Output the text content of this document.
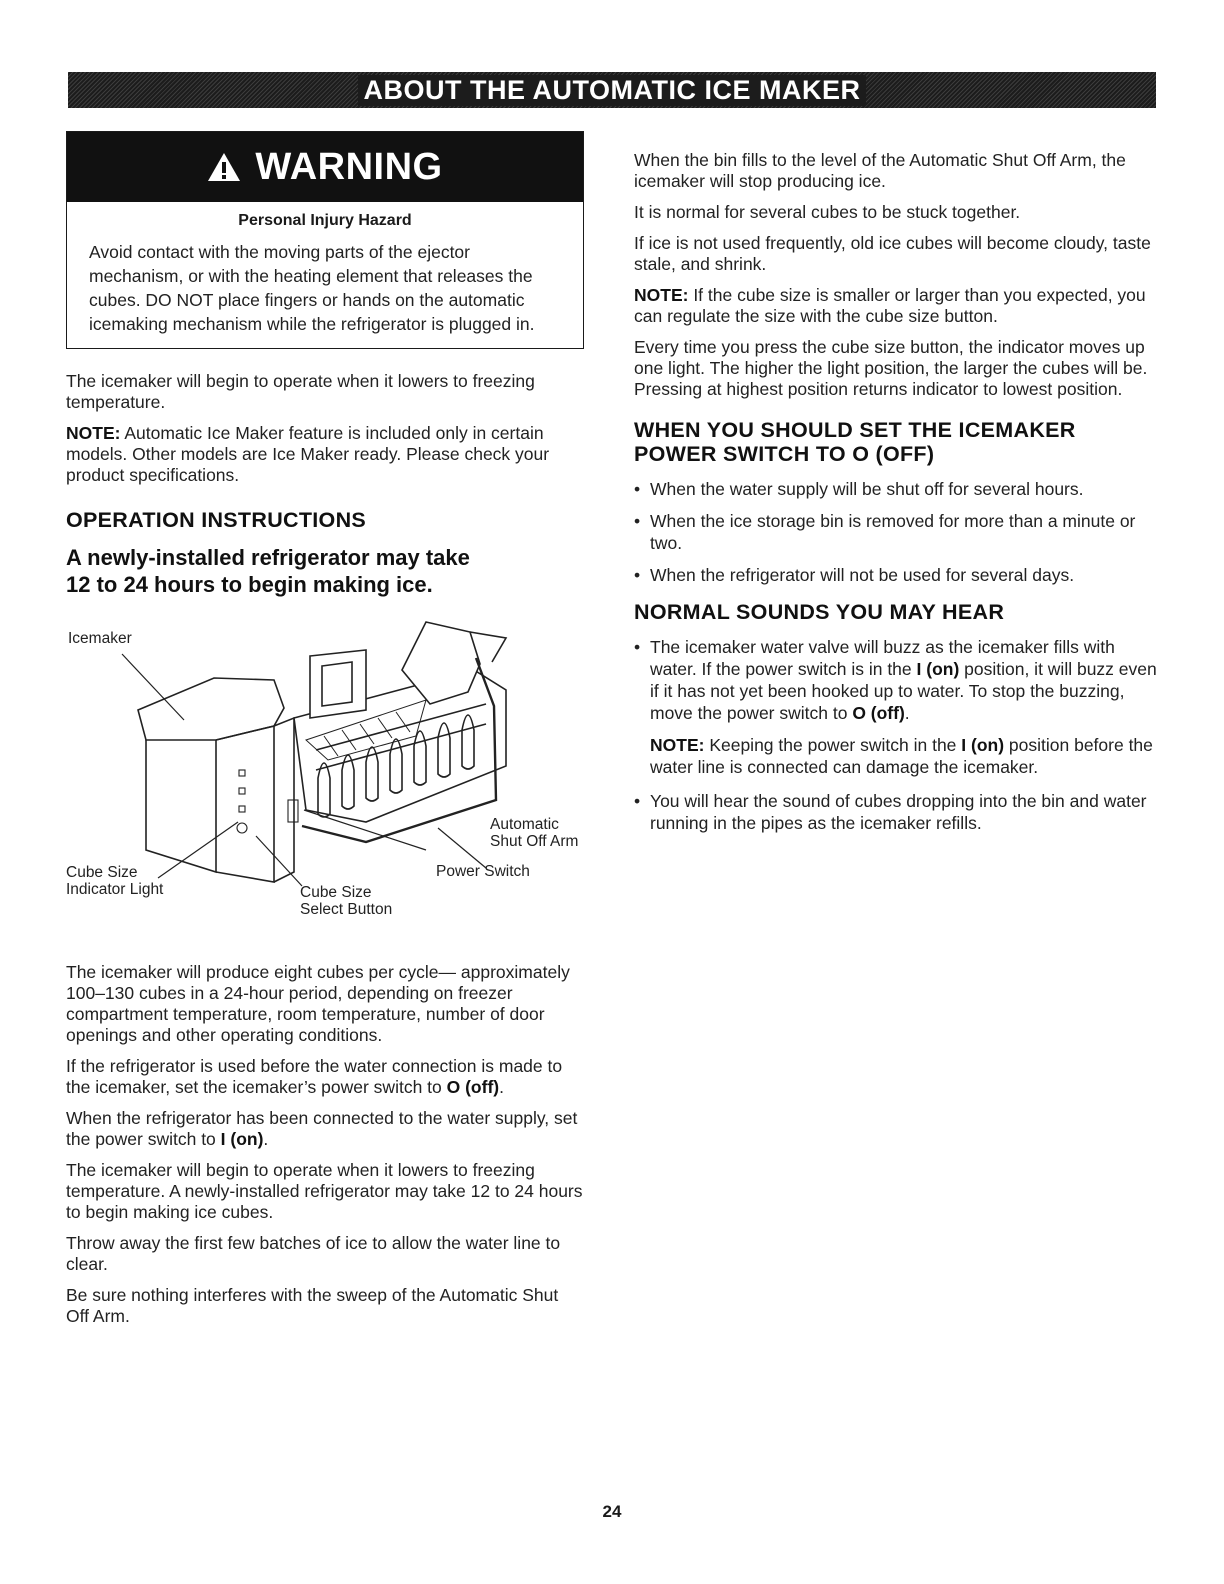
ABOUT THE AUTOMATIC ICE MAKER
WARNING
Personal Injury Hazard
Avoid contact with the moving parts of the ejector mechanism, or with the heating element that releases the cubes. DO NOT place fingers or hands on the automatic icemaking mechanism while the refrigerator is plugged in.

The icemaker will begin to operate when it lowers to freezing temperature.

NOTE: Automatic Ice Maker feature is included only in certain models. Other models are Ice Maker ready. Please check your product specifications.

OPERATION INSTRUCTIONS
A newly-installed refrigerator may take
12 to 24 hours to begin making ice.
Icemaker
Automatic
Shut Off Arm
Power Switch
Cube Size
Indicator Light	Cube Size
Select Button

The icemaker will produce eight cubes per cycle— approximately 100–130 cubes in a 24-hour period, depending on freezer compartment temperature, room temperature, number of door openings and other operating conditions.

If the refrigerator is used before the water connection is made to the icemaker, set the icemaker’s power switch to O (off).

When the refrigerator has been connected to the water supply, set the power switch to I (on).

The icemaker will begin to operate when it lowers to freezing temperature. A newly-installed refrigerator may take 12 to 24 hours to begin making ice cubes.

Throw away the first few batches of ice to allow the water line to clear.

Be sure nothing interferes with the sweep of the Automatic Shut Off Arm.

When the bin fills to the level of the Automatic Shut Off Arm, the icemaker will stop producing ice.

It is normal for several cubes to be stuck together.

If ice is not used frequently, old ice cubes will become cloudy, taste stale, and shrink.

NOTE: If the cube size is smaller or larger than you expected, you can regulate the size with the cube size button.

Every time you press the cube size button, the indicator moves up one light. The higher the light position, the larger the cubes will be. Pressing at highest position returns indicator to lowest position.

WHEN YOU SHOULD SET THE ICEMAKER
POWER SWITCH TO O (OFF)
• When the water supply will be shut off for several hours.
• When the ice storage bin is removed for more than a minute or two.
• When the refrigerator will not be used for several days.
NORMAL SOUNDS YOU MAY HEAR
• The icemaker water valve will buzz as the icemaker fills with water. If the power switch is in the I (on) position, it will buzz even if it has not yet been hooked up to water. To stop the buzzing, move the power switch to O (off).

NOTE: Keeping the power switch in the I (on) position before the water line is connected can damage the icemaker.

• You will hear the sound of cubes dropping into the bin and water running in the pipes as the icemaker refills.
24
